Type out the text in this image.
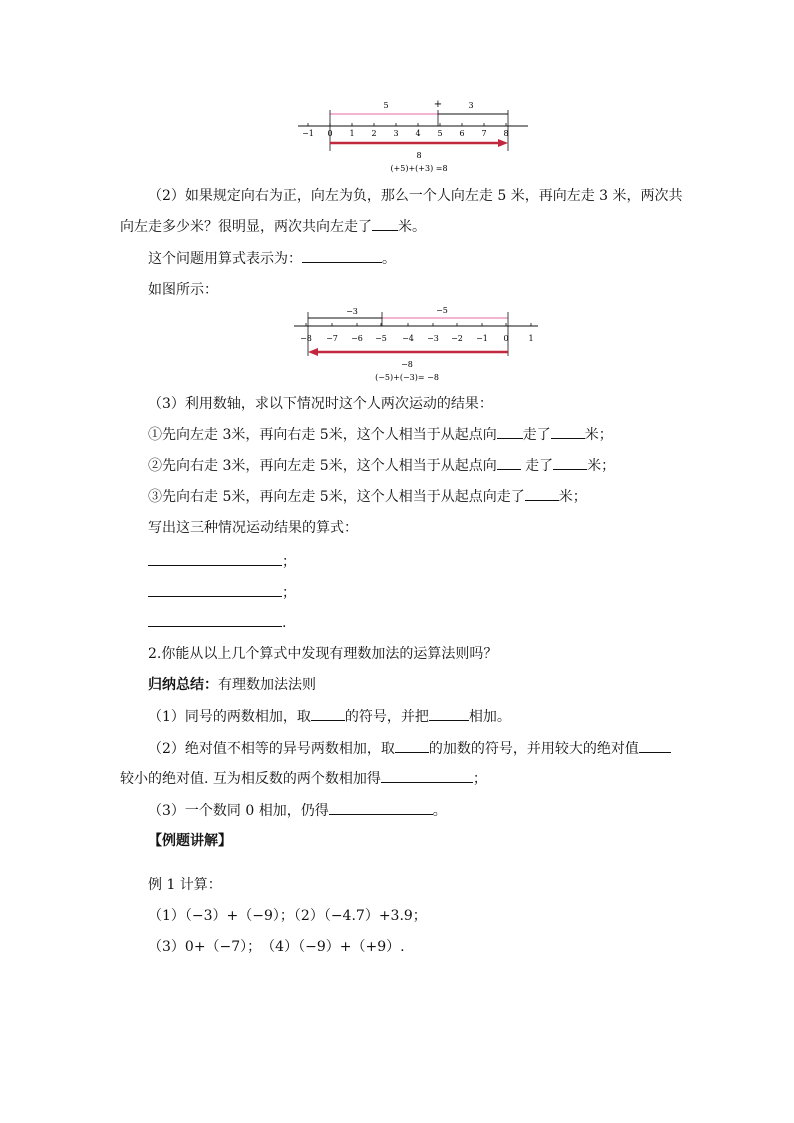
5	+	3
−1 0 1 2 3 4 5 6 7 8
8
(+5)+(+3) =8
（2）如果规定向右为正，向左为负，那么一个人向左走 5 米，再向左走 3 米，两次共
向左走多少米？很明显，两次共向左走了 米。
这个问题用算式表示为：	。
如图所示：
−3	−5
−8 −7 −6 −5 −4 −3 −2 −1 0 1
−8
(−5)+(−3)= −8
（3）利用数轴，求以下情况时这个人两次运动的结果：
①先向左走 3米，再向右走 5米，这个人相当于从起点向 走了 米；
②先向右走 3米，再向左走 5米，这个人相当于从起点向 走了 米；
③先向右走 5米，再向左走 5米，这个人相当于从起点向走了 米；
写出这三种情况运动结果的算式：
；
；
.
2.你能从以上几个算式中发现有理数加法的运算法则吗？
归纳总结：有理数加法法则
（1）同号的两数相加，取 的符号，并把	相加。
（2）绝对值不相等的异号两数相加，取 的加数的符号，并用较大的绝对值
较小的绝对值. 互为相反数的两个数相加得	；
（3）一个数同 0 相加，仍得	。
【例题讲解】
例 1 计算：
（1）（−3）+（−9）；（2）（−4.7）+3.9；
（3）0+（−7）；　（4）（−9）+（+9）.
